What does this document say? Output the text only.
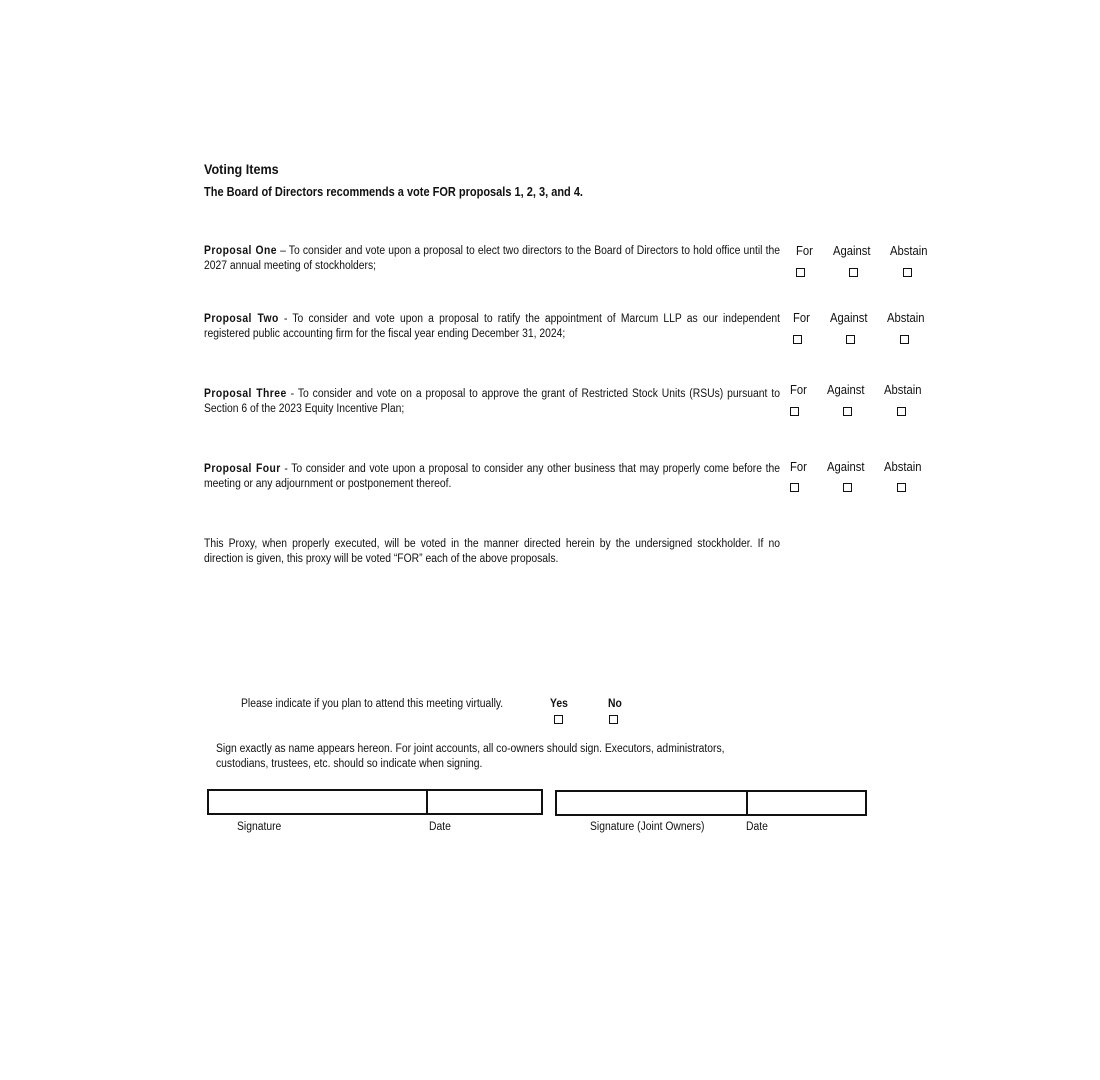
Voting Items
The Board of Directors recommends a vote FOR proposals 1, 2, 3, and 4.
Proposal One – To consider and vote upon a proposal to elect two directors to the Board of Directors to hold office until the 2027 annual meeting of stockholders;
For Against Abstain
Proposal Two - To consider and vote upon a proposal to ratify the appointment of Marcum LLP as our independent registered public accounting firm for the fiscal year ending December 31, 2024;
For Against Abstain
Proposal Three - To consider and vote on a proposal to approve the grant of Restricted Stock Units (RSUs) pursuant to Section 6 of the 2023 Equity Incentive Plan;
For Against Abstain
Proposal Four - To consider and vote upon a proposal to consider any other business that may properly come before the meeting or any adjournment or postponement thereof.
For Against Abstain
This Proxy, when properly executed, will be voted in the manner directed herein by the undersigned stockholder. If no direction is given, this proxy will be voted “FOR” each of the above proposals.
Please indicate if you plan to attend this meeting virtually.	Yes	No
Sign exactly as name appears hereon. For joint accounts, all co-owners should sign. Executors, administrators, custodians, trustees, etc. should so indicate when signing.
Signature	Date	Signature (Joint Owners)	Date
